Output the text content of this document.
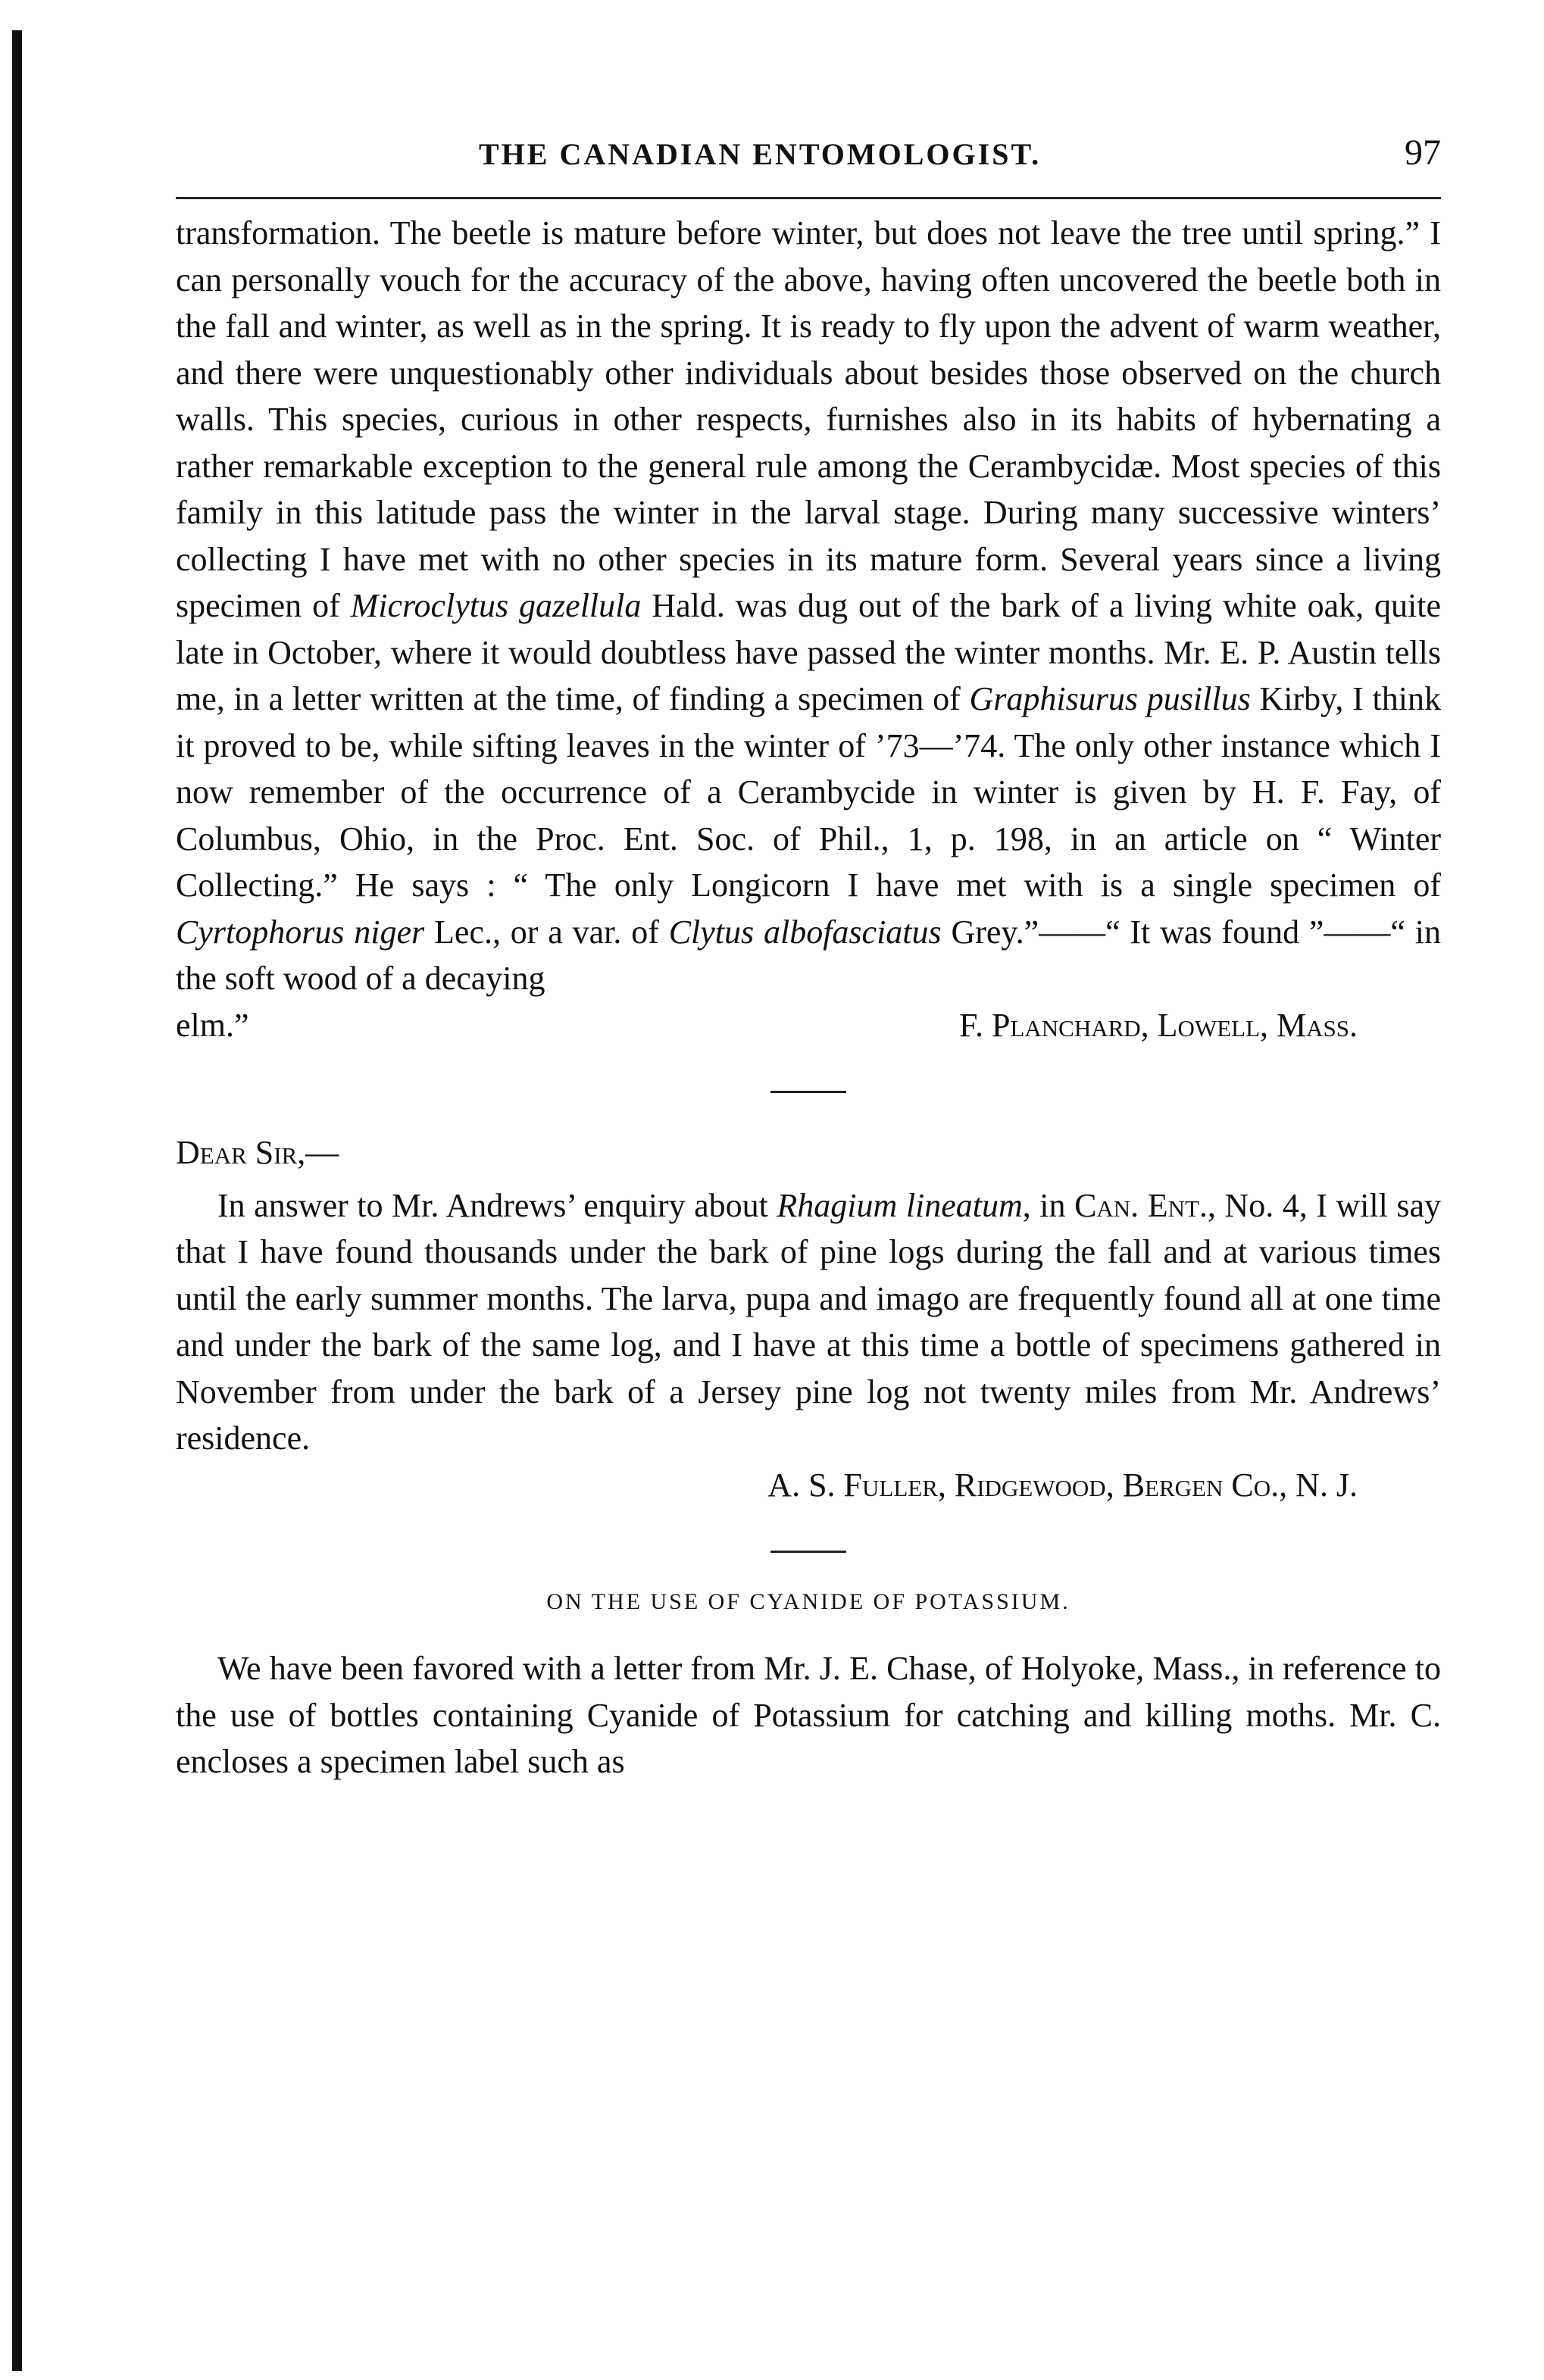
THE CANADIAN ENTOMOLOGIST.	97

transformation. The beetle is mature before winter, but does not leave the tree until spring.” I can personally vouch for the accuracy of the above, having often uncovered the beetle both in the fall and winter, as well as in the spring. It is ready to fly upon the advent of warm weather, and there were unquestionably other individuals about besides those observed on the church walls. This species, curious in other respects, furnishes also in its habits of hybernating a rather remarkable exception to the general rule among the Cerambycidæ. Most species of this family in this latitude pass the winter in the larval stage. During many successive winters’ collecting I have met with no other species in its mature form. Several years since a living specimen of Microclytus gazellula Hald. was dug out of the bark of a living white oak, quite late in October, where it would doubtless have passed the winter months. Mr. E. P. Austin tells me, in a letter written at the time, of finding a specimen of Graphisurus pusillus Kirby, I think it proved to be, while sifting leaves in the winter of ’73—’74. The only other instance which I now remember of the occurrence of a Cerambycide in winter is given by H. F. Fay, of Columbus, Ohio, in the Proc. Ent. Soc. of Phil., 1, p. 198, in an article on “ Winter Collecting.” He says : “ The only Longicorn I have met with is a single specimen of Cyrtophorus niger Lec., or a var. of Clytus albofasciatus Grey.”——“ It was found ”——“ in the soft wood of a decaying

elm.”	F. Planchard, Lowell, Mass.
Dear Sir,—

In answer to Mr. Andrews’ enquiry about Rhagium lineatum, in Can. Ent., No. 4, I will say that I have found thousands under the bark of pine logs during the fall and at various times until the early summer months. The larva, pupa and imago are frequently found all at one time and under the bark of the same log, and I have at this time a bottle of specimens gathered in November from under the bark of a Jersey pine log not twenty miles from Mr. Andrews’ residence.

A. S. Fuller, Ridgewood, Bergen Co., N. J.
ON THE USE OF CYANIDE OF POTASSIUM.

We have been favored with a letter from Mr. J. E. Chase, of Holyoke, Mass., in reference to the use of bottles containing Cyanide of Potassium for catching and killing moths. Mr. C. encloses a specimen label such as
